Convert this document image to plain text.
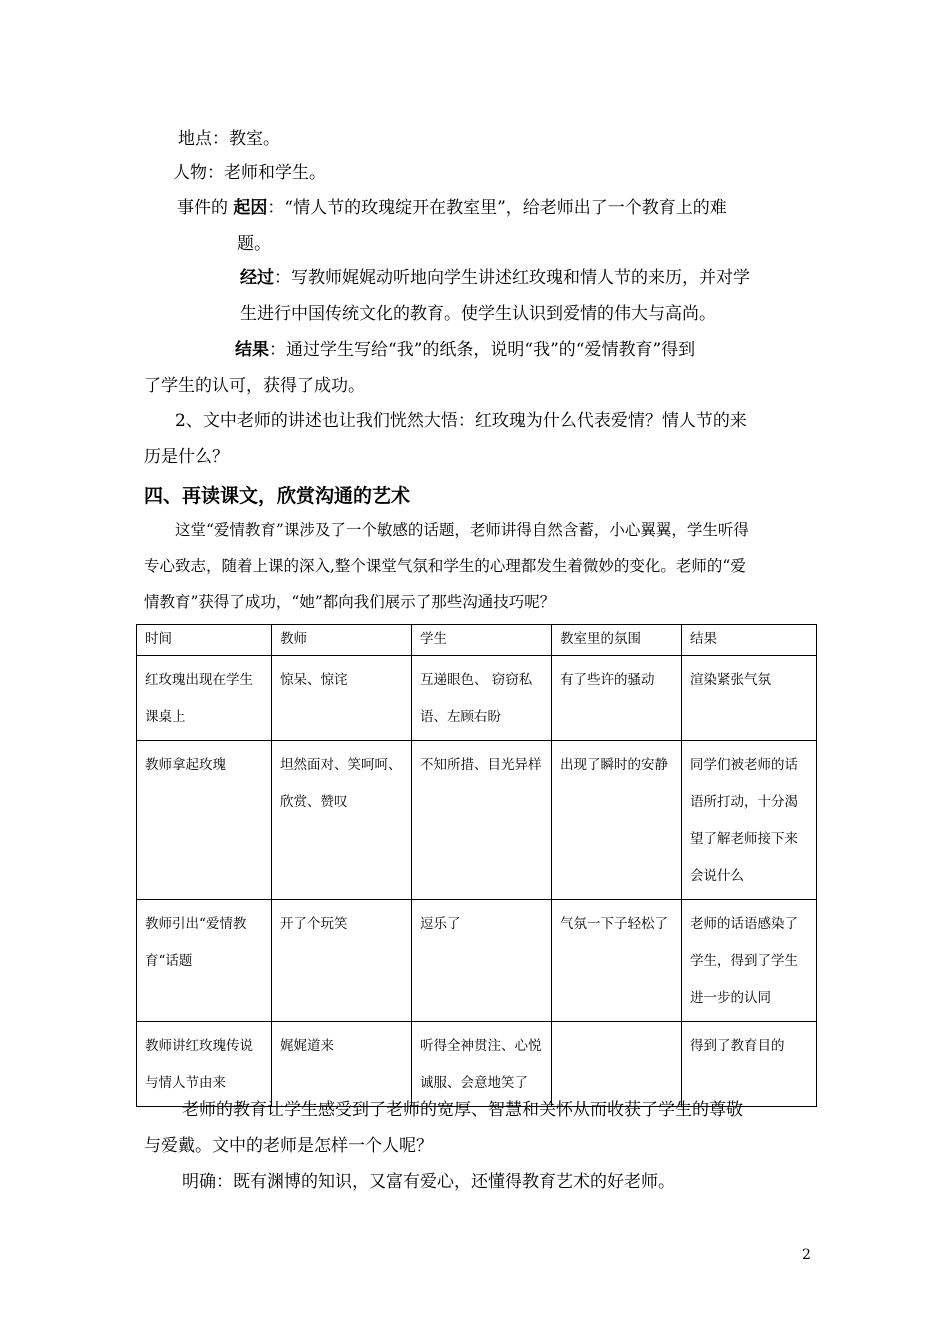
地点：教室。
人物：老师和学生。
事件的 起因：“情人节的玫瑰绽开在教室里”，给老师出了一个教育上的难
题。
经过：写教师娓娓动听地向学生讲述红玫瑰和情人节的来历，并对学
生进行中国传统文化的教育。使学生认识到爱情的伟大与高尚。
结果：通过学生写给“我”的纸条，说明“我”的“爱情教育”得到
了学生的认可，获得了成功。
2、文中老师的讲述也让我们恍然大悟：红玫瑰为什么代表爱情？情人节的来
历是什么？
四、再读课文，欣赏沟通的艺术
这堂“爱情教育”课涉及了一个敏感的话题，老师讲得自然含蓄，小心翼翼，学生听得
专心致志，随着上课的深入,整个课堂气氛和学生的心理都发生着微妙的变化。老师的“爱
情教育”获得了成功，“她”都向我们展示了那些沟通技巧呢？
时间	教师	学生	教室里的氛围	结果
红玫瑰出现在学生课桌上	惊呆、惊诧	互递眼色、 窃窃私语、左顾右盼	有了些许的骚动	渲染紧张气氛
教师拿起玫瑰	坦然面对、笑呵呵、欣赏、赞叹	不知所措、目光异样	出现了瞬时的安静	同学们被老师的话语所打动，十分渴望了解老师接下来会说什么
教师引出“爱情教育“话题	开了个玩笑	逗乐了	气氛一下子轻松了	老师的话语感染了学生，得到了学生进一步的认同
教师讲红玫瑰传说与情人节由来	娓娓道来	听得全神贯注、心悦诚服、会意地笑了		得到了教育目的
老师的教育让学生感受到了老师的宽厚、智慧和关怀从而收获了学生的尊敬
与爱戴。文中的老师是怎样一个人呢？
明确：既有渊博的知识，又富有爱心，还懂得教育艺术的好老师。
2
